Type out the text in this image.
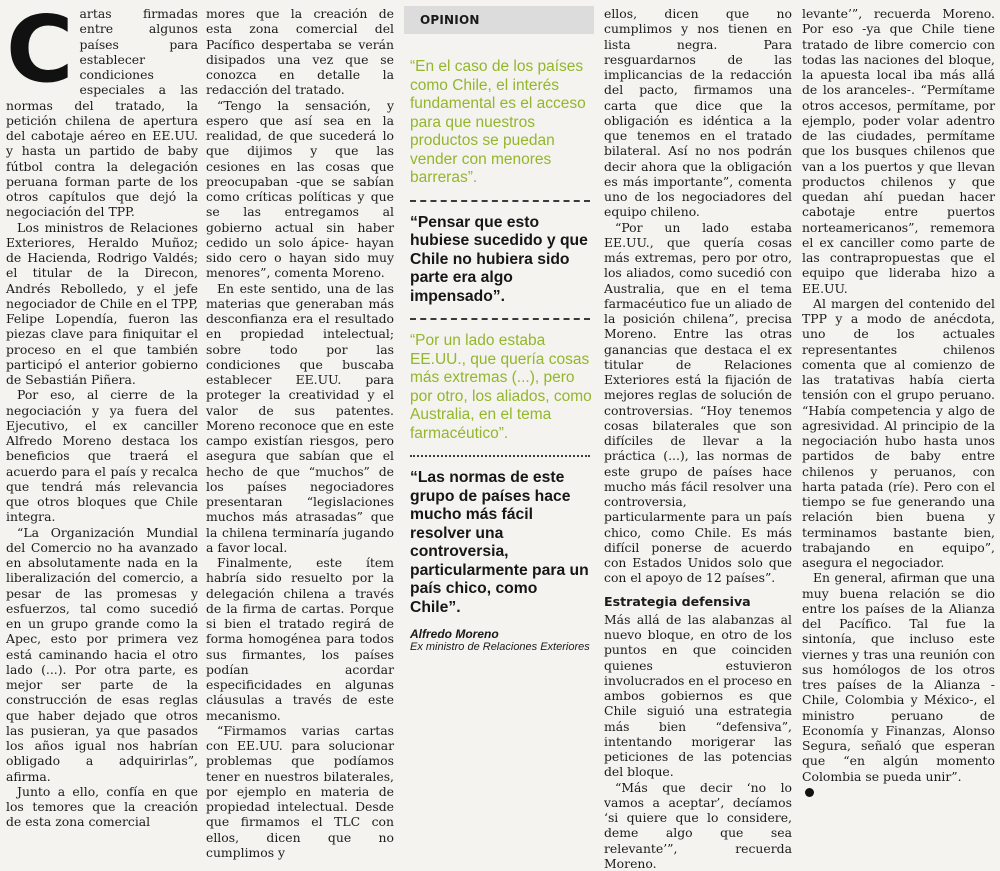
C artas firmadas entre algunos países para establecer condiciones especiales a las normas del tratado, la petición chilena de apertura del cabotaje aéreo en EE.UU. y hasta un partido de baby fútbol contra la delegación peruana forman parte de los otros capítulos que dejó la negociación del TPP.

Los ministros de Relaciones Exteriores, Heraldo Muñoz; de Hacienda, Rodrigo Valdés; el titular de la Direcon, Andrés Rebolledo, y el jefe negociador de Chile en el TPP, Felipe Lopendía, fueron las piezas clave para finiquitar el proceso en el que también participó el anterior gobierno de Sebastián Piñera.

Por eso, al cierre de la negociación y ya fuera del Ejecutivo, el ex canciller Alfredo Moreno destaca los beneficios que traerá el acuerdo para el país y recalca que tendrá más relevancia que otros bloques que Chile integra.

“La Organización Mundial del Comercio no ha avanzado en absolutamente nada en la liberalización del comercio, a pesar de las promesas y esfuerzos, tal como sucedió en un grupo grande como la Apec, esto por primera vez está caminando hacia el otro lado (...). Por otra parte, es mejor ser parte de la construcción de esas reglas que haber dejado que otros las pusieran, ya que pasados los años igual nos habrían obligado a adquirirlas”, afirma.

Junto a ello, confía en que los temores que la creación de esta zona comercial

mores que la creación de esta zona comercial del Pacífico despertaba se verán disipados una vez que se conozca en detalle la redacción del tratado.

“Tengo la sensación, y espero que así sea en la realidad, de que sucederá lo que dijimos y que las cesiones en las cosas que preocupaban -que se sabían como críticas políticas y que se las entregamos al gobierno actual sin haber cedido un solo ápice- hayan sido cero o hayan sido muy menores”, comenta Moreno.

En este sentido, una de las materias que generaban más desconfianza era el resultado en propiedad intelectual; sobre todo por las condiciones que buscaba establecer EE.UU. para proteger la creatividad y el valor de sus patentes. Moreno reconoce que en este campo existían riesgos, pero asegura que sabían que el hecho de que “muchos” de los países negociadores presentaran “legislaciones muchos más atrasadas” que la chilena terminaría jugando a favor local.

Finalmente, este ítem habría sido resuelto por la delegación chilena a través de la firma de cartas. Porque si bien el tratado regirá de forma homogénea para todos sus firmantes, los países podían acordar especificidades en algunas cláusulas a través de este mecanismo.

“Firmamos varias cartas con EE.UU. para solucionar problemas que podíamos tener en nuestros bilaterales, por ejemplo en materia de propiedad intelectual. Desde que firmamos el TLC con ellos, dicen que no cumplimos y

OPINION
“En el caso de los países como Chile, el interés fundamental es el acceso para que nuestros productos se puedan vender con menores barreras”.
“Pensar que esto hubiese sucedido y que Chile no hubiera sido parte era algo impensado”.
“Por un lado estaba EE.UU., que quería cosas más extremas (...), pero por otro, los aliados, como Australia, en el tema farmacéutico”.
“Las normas de este grupo de países hace mucho más fácil resolver una controversia, particularmente para un país chico, como Chile”.
Alfredo Moreno
Ex ministro de Relaciones Exteriores

ellos, dicen que no cumplimos y nos tienen en lista negra. Para resguardarnos de las implicancias de la redacción del pacto, firmamos una carta que dice que la obligación es idéntica a la que tenemos en el tratado bilateral. Así no nos podrán decir ahora que la obligación es más importante”, comenta uno de los negociadores del equipo chileno.

“Por un lado estaba EE.UU., que quería cosas más extremas, pero por otro, los aliados, como sucedió con Australia, que en el tema farmacéutico fue un aliado de la posición chilena”, precisa Moreno. Entre las otras ganancias que destaca el ex titular de Relaciones Exteriores está la fijación de mejores reglas de solución de controversias. “Hoy tenemos cosas bilaterales que son difíciles de llevar a la práctica (...), las normas de este grupo de países hace mucho más fácil resolver una controversia, particularmente para un país chico, como Chile. Es más difícil ponerse de acuerdo con Estados Unidos solo que con el apoyo de 12 países”.

Estrategia defensiva

Más allá de las alabanzas al nuevo bloque, en otro de los puntos en que coinciden quienes estuvieron involucrados en el proceso en ambos gobiernos es que Chile siguió una estrategia más bien “defensiva”, intentando morigerar las peticiones de las potencias del bloque.

“Más que decir ‘no lo vamos a aceptar’, decíamos ‘si quiere que lo considere, deme algo que sea relevante’”, recuerda Moreno.

levante’”, recuerda Moreno. Por eso -ya que Chile tiene tratado de libre comercio con todas las naciones del bloque, la apuesta local iba más allá de los aranceles-. “Permítame otros accesos, permítame, por ejemplo, poder volar adentro de las ciudades, permítame que los busques chilenos que van a los puertos y que llevan productos chilenos y que quedan ahí puedan hacer cabotaje entre puertos norteamericanos”, rememora el ex canciller como parte de las contrapropuestas que el equipo que lideraba hizo a EE.UU.

Al margen del contenido del TPP y a modo de anécdota, uno de los actuales representantes chilenos comenta que al comienzo de las tratativas había cierta tensión con el grupo peruano. “Había competencia y algo de agresividad. Al principio de la negociación hubo hasta unos partidos de baby entre chilenos y peruanos, con harta patada (ríe). Pero con el tiempo se fue generando una relación bien buena y terminamos bastante bien, trabajando en equipo”, asegura el negociador.

En general, afirman que una muy buena relación se dio entre los países de la Alianza del Pacífico. Tal fue la sintonía, que incluso este viernes y tras una reunión con sus homólogos de los otros tres países de la Alianza -Chile, Colombia y México-, el ministro peruano de Economía y Finanzas, Alonso Segura, señaló que esperan que “en algún momento Colombia se pueda unir”.
